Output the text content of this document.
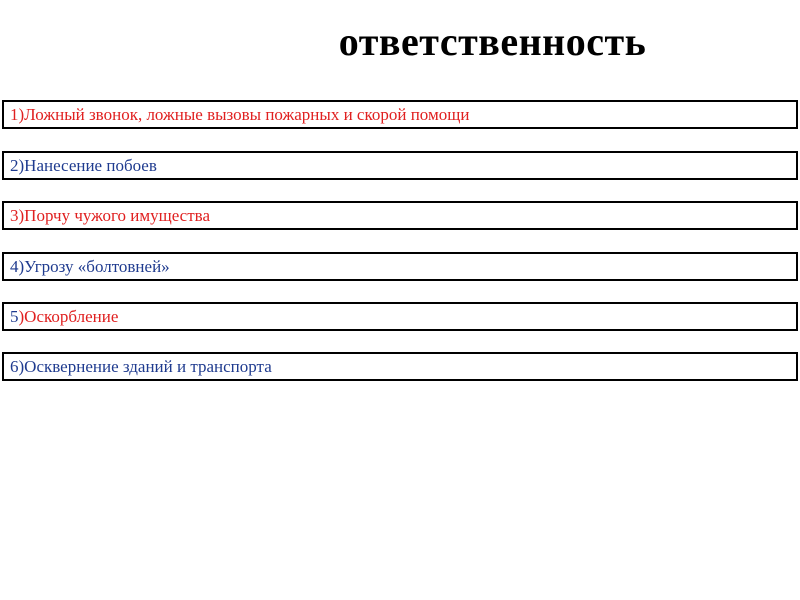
ответственность
1) Ложный звонок, ложные вызовы пожарных и скорой помощи
2) Нанесение побоев
3) Порчу чужого имущества
4) Угрозу «болтовней»
5 ) Оскорбление
6) Осквернение зданий и транспорта
